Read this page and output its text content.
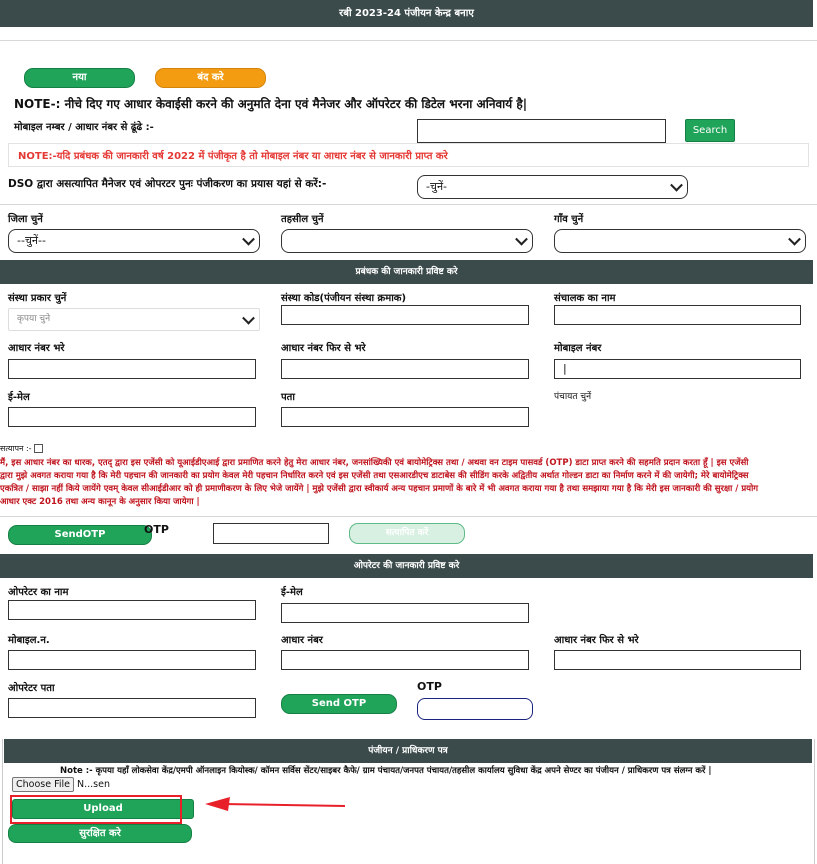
रबी 2023-24 पंजीयन केन्द्र बनाए
नया	बंद करे
NOTE-: नीचे दिए गए आधार केवाईसी करने की अनुमति देना एवं मैनेजर और ऑपरेटर की डिटेल भरना अनिवार्य है|
मोबाइल नम्बर / आधार नंबर से ढूंढे :-	Search
NOTE:-यदि प्रबंधक की जानकारी वर्ष 2022 में पंजीकृत है तो मोबाइल नंबर या आधार नंबर से जानकारी प्राप्त करे
DSO द्वारा असत्यापित मैनेजर एवं ओपरटर पुनः पंजीकरण का प्रयास यहां से करें:-	-चुनें-
जिला चुनें	तहसील चुनें	गाँव चुनें
--चुनें--
प्रबंधक की जानकारी प्रविष्ट करे
संस्था प्रकार चुनें	संस्था कोड(पंजीयन संस्था क्रमाक)	संचालक का नाम
कृपया चुने
आधार नंबर भरे	आधार नंबर फिर से भरे	मोबाइल नंबर
|
ई-मेल	पता	पंचायत चुनें
सत्यापन :-
मैं, इस आधार नंबर का धारक, एतद् द्वारा इस एजेंसी को यूआईडीएआई द्वारा प्रमाणित करने हेतु मेरा आधार नंबर, जनसांख्यिकी एवं बायोमेट्रिक्स तथा / अथवा वन टाइम पासवर्ड (OTP) डाटा प्राप्त करने की सहमति प्रदान करता हूँ | इस एजेंसी
द्वारा मुझे अवगत कराया गया है कि मेरी पहचान की जानकारी का प्रयोग केवल मेरी पहचान निर्धारित करने एवं इस एजेंसी तथा एसआरडीएच डाटाबेस की सीडिंग करके अद्वितीय अर्थात गोल्डन डाटा का निर्माण करने में की जायेगी; मेरे बायोमेट्रिक्स
एकत्रित / साझा नहीं किये जायेंगे एवम् केवल सीआईडीआर को ही प्रमाणीकरण के लिए भेजे जायेंगे | मुझे एजेंसी द्वारा स्वीकार्य अन्य पहचान प्रमाणों के बारे में भी अवगत कराया गया है तथा समझाया गया है कि मेरी इस जानकारी की सुरक्षा / प्रयोग
आधार एक्ट 2016 तथा अन्य कानून के अनुसार किया जायेगा |
SendOTP	OTP	सत्यापित करें
ओपरेटर की जानकारी प्रविष्ट करे
ओपरेटर का नाम	ई-मेल
मोबाइल.न.	आधार नंबर	आधार नंबर फिर से भरे
ओपरेटर पता	OTP
Send OTP
पंजीयन / प्राधिकरण पत्र
Note :- कृपया यहाँ लोकसेवा केंद्र/एमपी ऑनलाइन कियोस्क/ कॉमन सर्विस सेंटर/साइबर कैफे/ ग्राम पंचायत/जनपत पंचायत/तहसील कार्यालय सुविधा केंद्र अपने सेण्टर का पंजीयन / प्राधिकरण पत्र संलग्न करें |
Choose File N...sen
Upload
सुरक्षित करे
